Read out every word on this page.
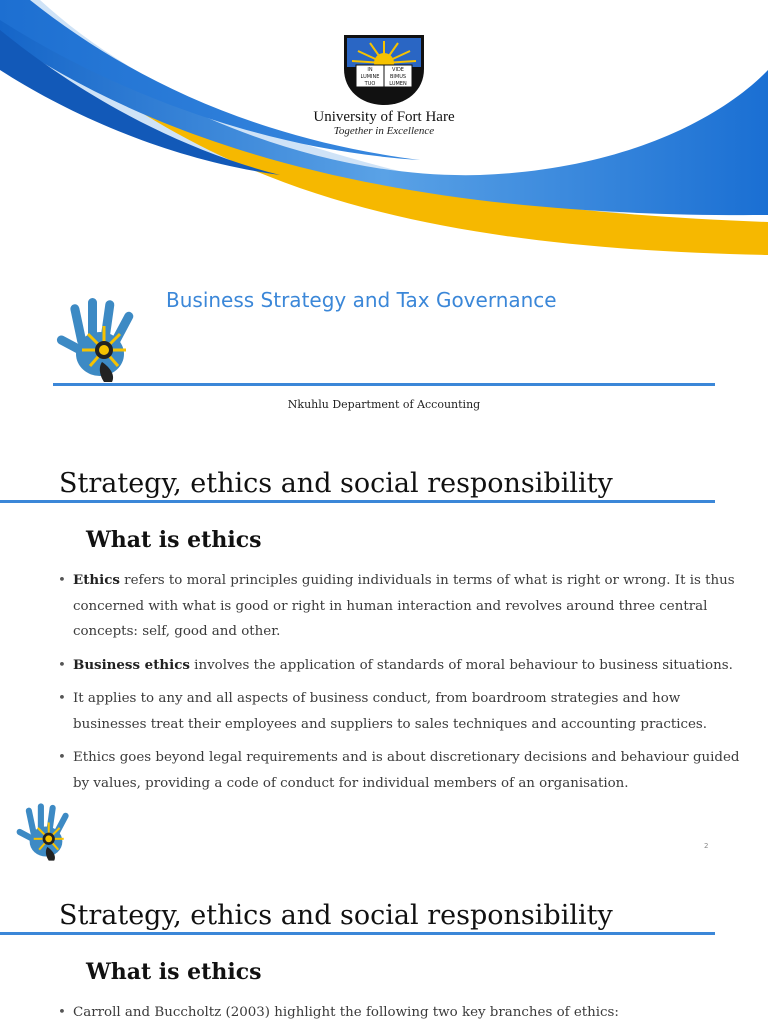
IN
LUMINE
TUO
VIDE
BIMUS
LUMEN
University of Fort Hare
Together in Excellence
Business Strategy and Tax Governance
Nkuhlu Department of Accounting
Strategy, ethics and social responsibility
What is ethics
• Ethics refers to moral principles guiding individuals in terms of what is right or wrong. It is thus concerned with what is good or right in human interaction and revolves around three central concepts: self, good and other.
• Business ethics involves the application of standards of moral behaviour to business situations.
• It applies to any and all aspects of business conduct, from boardroom strategies and how businesses treat their employees and suppliers to sales techniques and accounting practices.
• Ethics goes beyond legal requirements and is about discretionary decisions and behaviour guided by values, providing a code of conduct for individual members of an organisation.
2
Strategy, ethics and social responsibility
What is ethics
• Carroll and Buccholtz (2003) highlight the following two key branches of ethics:
